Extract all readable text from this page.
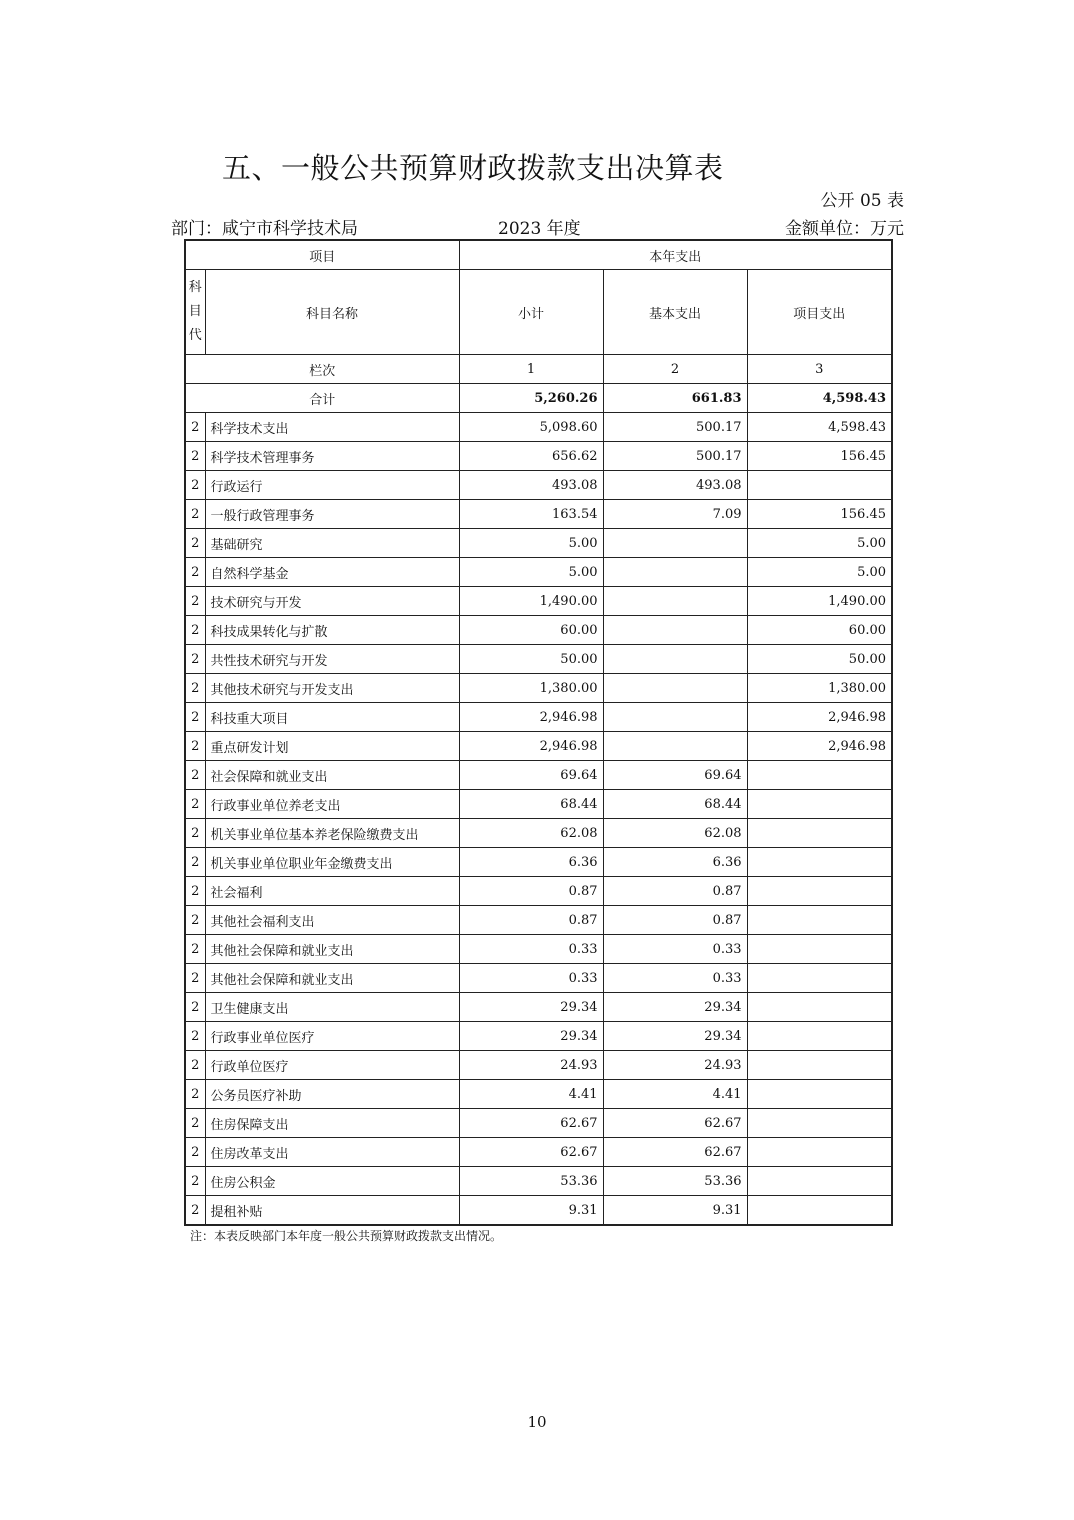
五、一般公共预算财政拨款支出决算表
公开 05 表
部门：咸宁市科学技术局	2023 年度	金额单位：万元
项目		本年支出		

科
目
代	科目名称	小计	基本支出	项目支出
栏次		1	2	3
合计		5,260.26	661.83	4,598.43
2	科学技术支出	5,098.60	500.17	4,598.43
2	科学技术管理事务	656.62	500.17	156.45
2	行政运行	493.08	493.08	
2	一般行政管理事务	163.54	7.09	156.45
2	基础研究	5.00		5.00
2	自然科学基金	5.00		5.00
2	技术研究与开发	1,490.00		1,490.00
2	科技成果转化与扩散	60.00		60.00
2	共性技术研究与开发	50.00		50.00
2	其他技术研究与开发支出	1,380.00		1,380.00
2	科技重大项目	2,946.98		2,946.98
2	重点研发计划	2,946.98		2,946.98
2	社会保障和就业支出	69.64	69.64	
2	行政事业单位养老支出	68.44	68.44	
2	机关事业单位基本养老保险缴费支出	62.08	62.08	
2	机关事业单位职业年金缴费支出	6.36	6.36	
2	社会福利	0.87	0.87	
2	其他社会福利支出	0.87	0.87	
2	其他社会保障和就业支出	0.33	0.33	
2	其他社会保障和就业支出	0.33	0.33	
2	卫生健康支出	29.34	29.34	
2	行政事业单位医疗	29.34	29.34	
2	行政单位医疗	24.93	24.93	
2	公务员医疗补助	4.41	4.41	
2	住房保障支出	62.67	62.67	
2	住房改革支出	62.67	62.67	
2	住房公积金	53.36	53.36	
2	提租补贴	9.31	9.31	
注：本表反映部门本年度一般公共预算财政拨款支出情况。
10
